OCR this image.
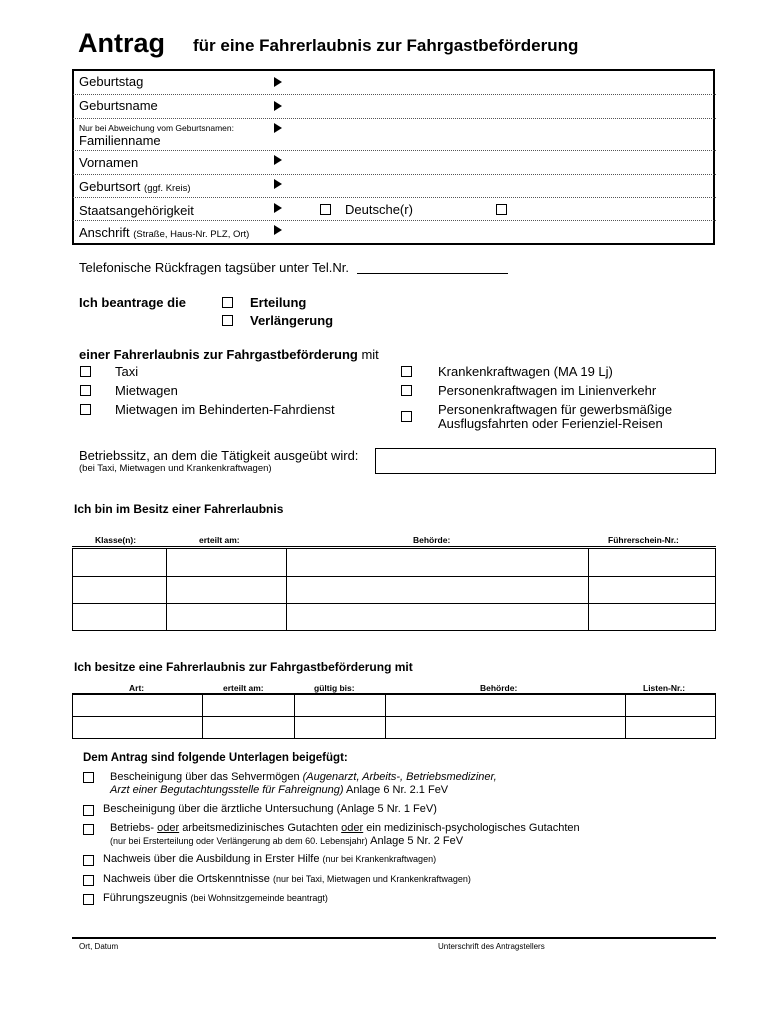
Antrag für eine Fahrerlaubnis zur Fahrgastbeförderung
Geburtstag
Geburtsname
Nur bei Abweichung vom Geburtsnamen:
Familienname
Vornamen
Geburtsort (ggf. Kreis)
Staatsangehörigkeit	Deutsche(r)
Anschrift (Straße, Haus-Nr. PLZ, Ort)
Telefonische Rückfragen tagsüber unter Tel.Nr.
Ich beantrage die	Erteilung
Verlängerung
einer Fahrerlaubnis zur Fahrgastbeförderung mit
Taxi
Mietwagen
Mietwagen im Behinderten-Fahrdienst
Krankenkraftwagen (MA 19 Lj)
Personenkraftwagen im Linienverkehr
Personenkraftwagen für gewerbsmäßige
Ausflugsfahrten oder Ferienziel-Reisen
Betriebssitz, an dem die Tätigkeit ausgeübt wird:
(bei Taxi, Mietwagen und Krankenkraftwagen)
Ich bin im Besitz einer Fahrerlaubnis
Klasse(n):	erteilt am:	Behörde:	Führerschein-Nr.:

Ich besitze eine Fahrerlaubnis zur Fahrgastbeförderung mit
Art:	erteilt am:	gültig bis:	Behörde:	Listen-Nr.:

Dem Antrag sind folgende Unterlagen beigefügt:
Bescheinigung über das Sehvermögen (Augenarzt, Arbeits-, Betriebsmediziner,
Arzt einer Begutachtungsstelle für Fahreignung) Anlage 6 Nr. 2.1 FeV
Bescheinigung über die ärztliche Untersuchung (Anlage 5 Nr. 1 FeV)
Betriebs- oder arbeitsmedizinisches Gutachten oder ein medizinisch-psychologisches Gutachten
(nur bei Ersterteilung oder Verlängerung ab dem 60. Lebensjahr) Anlage 5 Nr. 2 FeV
Nachweis über die Ausbildung in Erster Hilfe (nur bei Krankenkraftwagen)
Nachweis über die Ortskenntnisse (nur bei Taxi, Mietwagen und Krankenkraftwagen)
Führungszeugnis (bei Wohnsitzgemeinde beantragt)
Ort, Datum	Unterschrift des Antragstellers
